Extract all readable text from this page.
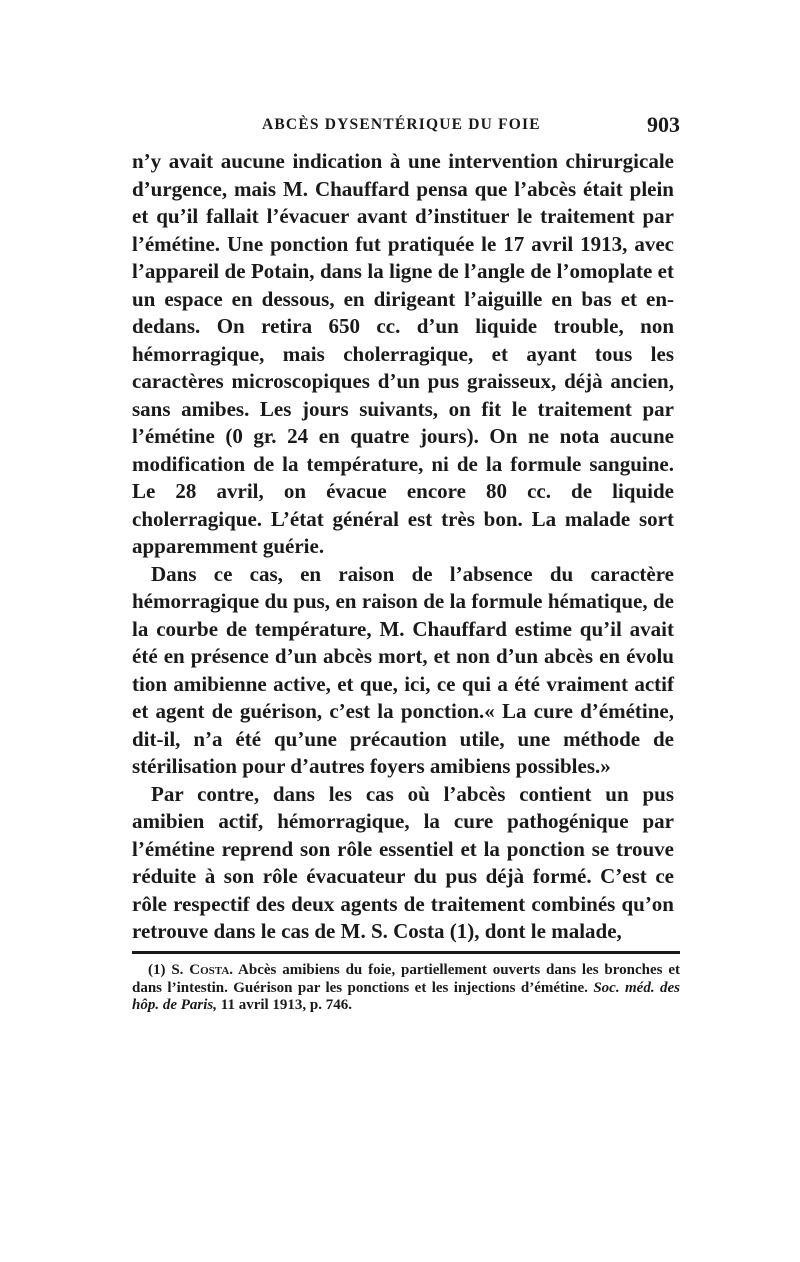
ABCÈS DYSENTÉRIQUE DU FOIE	903

n’y avait aucune indication à une intervention chirurgicale d’urgence, mais M. Chauffard pensa que l’abcès était plein et qu’il fallait l’évacuer avant d’instituer le traitement par l’émétine. Une ponction fut pratiquée le 17 avril 1913, avec l’appareil de Potain, dans la ligne de l’angle de l’omoplate et un espace en dessous, en dirigeant l’aiguille en bas et en-dedans. On retira 650 cc. d’un liquide trouble, non hémorragique, mais cholerragique, et ayant tous les caractères microscopiques d’un pus graisseux, déjà ancien, sans amibes. Les jours suivants, on fit le traitement par l’émétine (0 gr. 24 en quatre jours). On ne nota aucune modification de la température, ni de la formule sanguine. Le 28 avril, on évacue encore 80 cc. de liquide cholerragique. L’état général est très bon. La malade sort apparemment guérie.

Dans ce cas, en raison de l’absence du caractère hémorragique du pus, en raison de la formule hématique, de la courbe de température, M. Chauffard estime qu’il avait été en présence d’un abcès mort, et non d’un abcès en évolu tion amibienne active, et que, ici, ce qui a été vraiment actif et agent de guérison, c’est la ponction.« La cure d’émétine, dit-il, n’a été qu’une précaution utile, une méthode de stérilisation pour d’autres foyers amibiens possibles.»

Par contre, dans les cas où l’abcès contient un pus amibien actif, hémorragique, la cure pathogénique par l’émétine reprend son rôle essentiel et la ponction se trouve réduite à son rôle évacuateur du pus déjà formé. C’est ce rôle respectif des deux agents de traitement combinés qu’on retrouve dans le cas de M. S. Costa (1), dont le malade,

(1) S. Costa. Abcès amibiens du foie, partiellement ouverts dans les bronches et dans l’intestin. Guérison par les ponctions et les injections d’émétine. Soc. méd. des hôp. de Paris, 11 avril 1913, p. 746.
